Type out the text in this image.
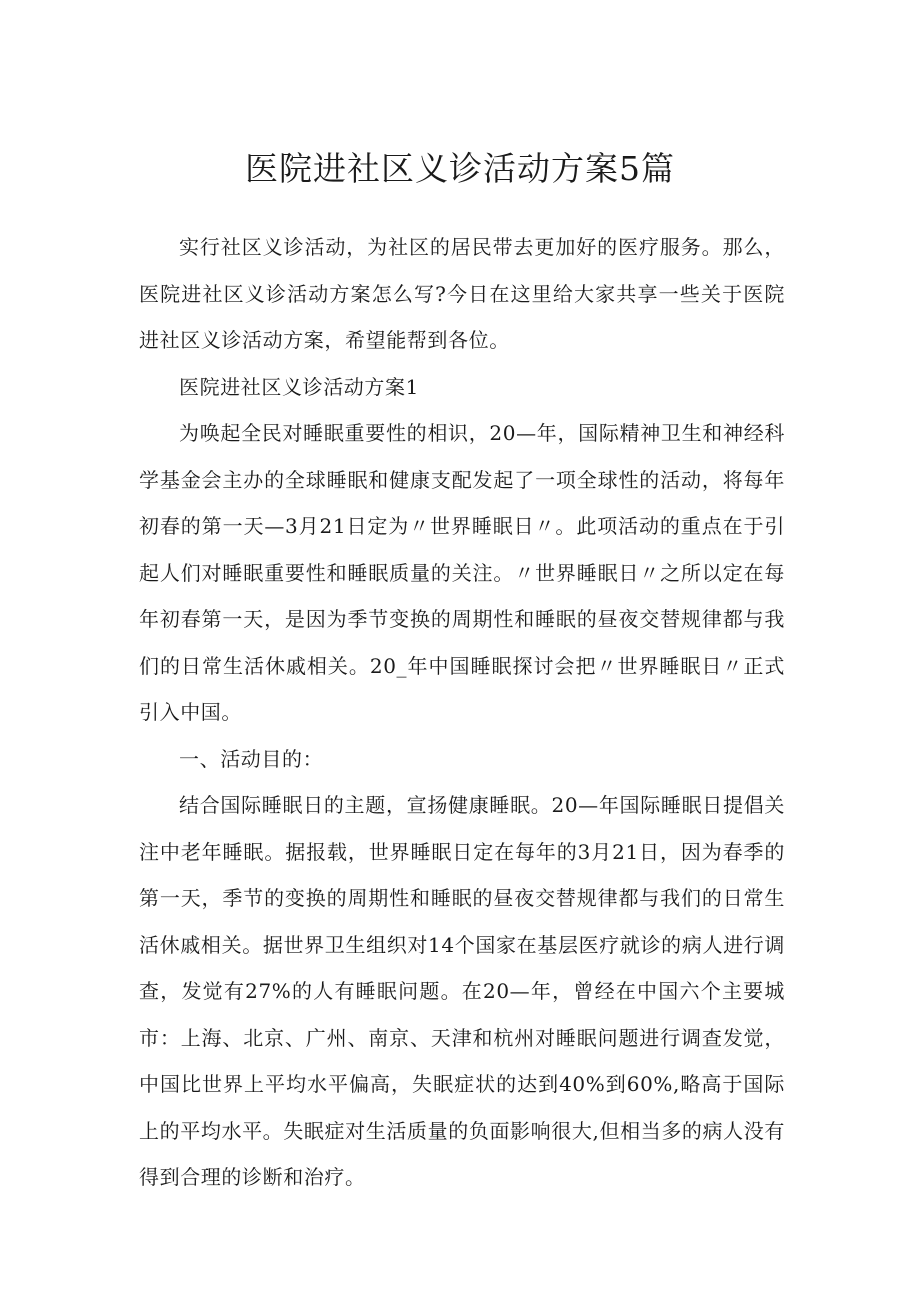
医院进社区义诊活动方案5篇

实行社区义诊活动，为社区的居民带去更加好的医疗服务。那么，医院进社区义诊活动方案怎么写?今日在这里给大家共享一些关于医院进社区义诊活动方案，希望能帮到各位。

医院进社区义诊活动方案1

为唤起全民对睡眠重要性的相识，20—年，国际精神卫生和神经科学基金会主办的全球睡眠和健康支配发起了一项全球性的活动，将每年初春的第一天—3月21日定为〃世界睡眠日〃。此项活动的重点在于引起人们对睡眠重要性和睡眠质量的关注。〃世界睡眠日〃之所以定在每年初春第一天，是因为季节变换的周期性和睡眠的昼夜交替规律都与我们的日常生活休戚相关。20_年中国睡眠探讨会把〃世界睡眠日〃正式引入中国。

一、活动目的：

结合国际睡眠日的主题，宣扬健康睡眠。20—年国际睡眠日提倡关注中老年睡眠。据报载，世界睡眠日定在每年的3月21日，因为春季的第一天，季节的变换的周期性和睡眠的昼夜交替规律都与我们的日常生活休戚相关。据世界卫生组织对14个国家在基层医疗就诊的病人进行调查，发觉有27%的人有睡眠问题。在20—年，曾经在中国六个主要城市：上海、北京、广州、南京、天津和杭州对睡眠问题进行调查发觉，中国比世界上平均水平偏高，失眠症状的达到40%到60%,略高于国际上的平均水平。失眠症对生活质量的负面影响很大,但相当多的病人没有得到合理的诊断和治疗。
